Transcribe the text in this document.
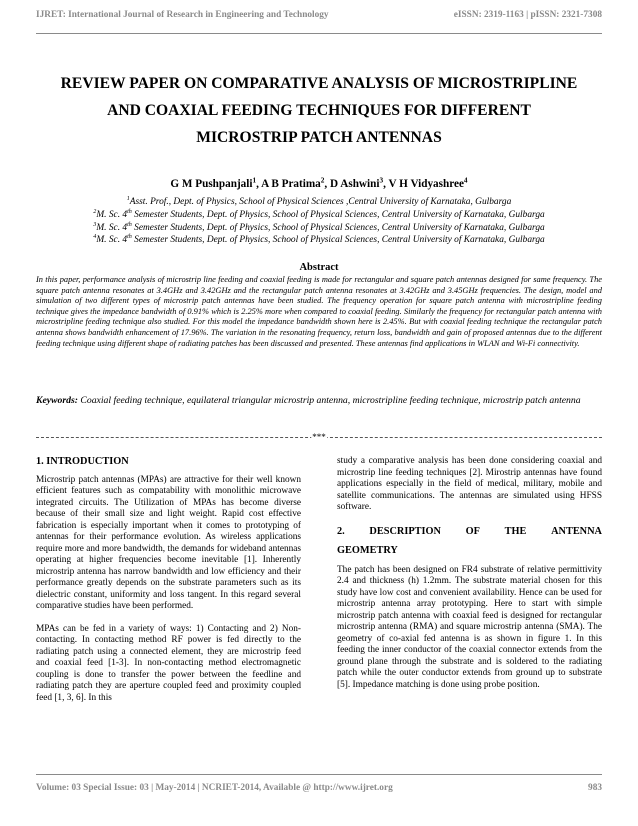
IJRET: International Journal of Research in Engineering and Technology	eISSN: 2319-1163 | pISSN: 2321-7308
REVIEW PAPER ON COMPARATIVE ANALYSIS OF MICROSTRIPLINE
AND COAXIAL FEEDING TECHNIQUES FOR DIFFERENT
MICROSTRIP PATCH ANTENNAS
G M Pushpanjali$^1$, A B Pratima$^2$, D Ashwini$^3$, V H Vidyashree$^4$
$^1$Asst. Prof., Dept. of Physics, School of Physical Sciences ,Central University of Karnataka, Gulbarga
$^2$M. Sc. 4th Semester Students, Dept. of Physics, School of Physical Sciences, Central University of Karnataka, Gulbarga
$^3$M. Sc. 4th Semester Students, Dept. of Physics, School of Physical Sciences, Central University of Karnataka, Gulbarga
$^4$M. Sc. 4th Semester Students, Dept. of Physics, School of Physical Sciences, Central University of Karnataka, Gulbarga
Abstract
In this paper, performance analysis of microstrip line feeding and coaxial feeding is made for rectangular and square patch antennas designed for same frequency. The square patch antenna resonates at 3.4GHz and 3.42GHz and the rectangular patch antenna resonates at 3.42GHz and 3.45GHz frequencies. The design, model and simulation of two different types of microstrip patch antennas have been studied. The frequency operation for square patch antenna with microstripline feeding technique gives the impedance bandwidth of 0.91% which is 2.25% more when compared to coaxial feeding. Similarly the frequency for rectangular patch antenna with microstripline feeding technique also studied. For this model the impedance bandwidth shown here is 2.45%. But with coaxial feeding technique the rectangular patch antenna shows bandwidth enhancement of 17.96%. The variation in the resonating frequency, return loss, bandwidth and gain of proposed antennas due to the different feeding technique using different shape of radiating patches has been discussed and presented. These antennas find applications in WLAN and Wi-Fi connectivity.
Keywords: Coaxial feeding technique, equilateral triangular microstrip antenna, microstripline feeding technique, microstrip patch antenna
***
1. INTRODUCTION

Microstrip patch antennas (MPAs) are attractive for their well known efficient features such as compatability with monolithic microwave integrated circuits. The Utilization of MPAs has become diverse because of their small size and light weight. Rapid cost effective fabrication is especially important when it comes to prototyping of antennas for their performance evolution. As wireless applications require more and more bandwidth, the demands for wideband antennas operating at higher frequencies become inevitable [1]. Inherently microstrip antenna has narrow bandwidth and low efficiency and their performance greatly depends on the substrate parameters such as its dielectric constant, uniformity and loss tangent. In this regard several comparative studies have been performed.

MPAs can be fed in a variety of ways: 1) Contacting and 2) Non-contacting. In contacting method RF power is fed directly to the radiating patch using a connected element, they are microstrip feed and coaxial feed [1-3]. In non-contacting method electromagnetic coupling is done to transfer the power between the feedline and radiating patch they are aperture coupled feed and proximity coupled feed [1, 3, 6]. In this

study a comparative analysis has been done considering coaxial and microstrip line feeding techniques [2]. Mirostrip antennas have found applications especially in the field of medical, military, mobile and satellite communications. The antennas are simulated using HFSS software.

2. DESCRIPTION OF THE ANTENNA
GEOMETRY

The patch has been designed on FR4 substrate of relative permittivity 2.4 and thickness (h) 1.2mm. The substrate material chosen for this study have low cost and convenient availability. Hence can be used for microstrip antenna array prototyping. Here to start with simple microstrip patch antenna with coaxial feed is designed for rectangular microstrip antenna (RMA) and square microstrip antenna (SMA). The geometry of co-axial fed antenna is as shown in figure 1. In this feeding the inner conductor of the coaxial connector extends from the ground plane through the substrate and is soldered to the radiating patch while the outer conductor extends from ground up to substrate [5]. Impedance matching is done using probe position.

Volume: 03 Special Issue: 03 | May-2014 | NCRIET-2014, Available @ http://www.ijret.org	983
